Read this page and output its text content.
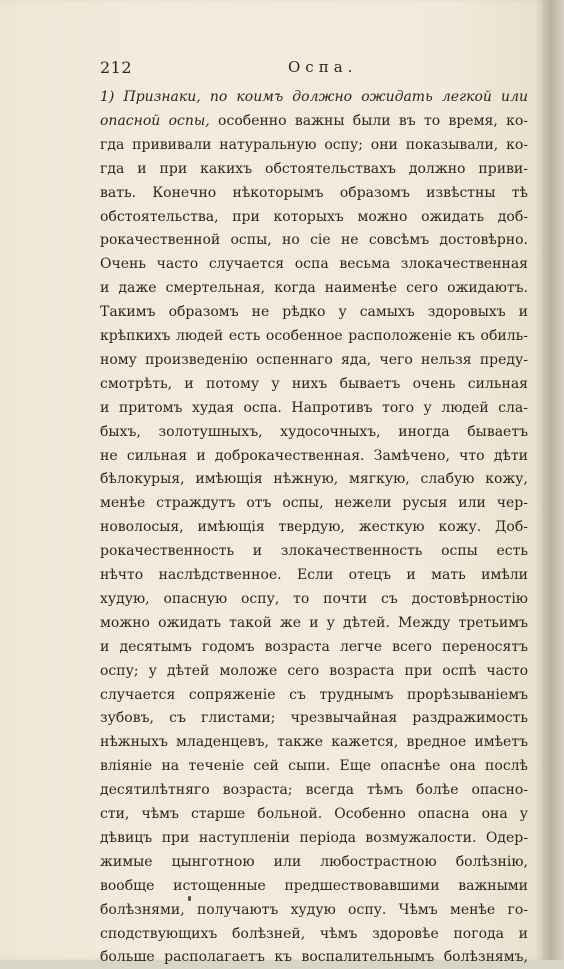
212	Оспа.
1) Признаки, по коимъ должно ожидать легкой или
опасной оспы, особенно важны были въ то время, ко-
гда прививали натуральную оспу; они показывали, ко-
гда и при какихъ обстоятельствахъ должно приви-
вать. Конечно нѣкоторымъ образомъ извѣстны тѣ
обстоятельства, при которыхъ можно ожидать доб-
рокачественной оспы, но сіе не совсѣмъ достовѣрно.
Очень часто случается оспа весьма злокачественная
и даже смертельная, когда наименѣе сего ожидаютъ.
Такимъ образомъ не рѣдко у самыхъ здоровыхъ и
крѣпкихъ людей есть особенное расположеніе къ обиль-
ному произведенію оспеннаго яда, чего нельзя преду-
смотрѣть, и потому у нихъ бываетъ очень сильная
и притомъ худая оспа. Напротивъ того у людей сла-
быхъ, золотушныхъ, худосочныхъ, иногда бываетъ
не сильная и доброкачественная. Замѣчено, что дѣти
бѣлокурыя, имѣющія нѣжную, мягкую, слабую кожу,
менѣе страждутъ отъ оспы, нежели русыя или чер-
новолосыя, имѣющія твердую, жесткую кожу. Доб-
рокачественность и злокачественность оспы есть
нѣчто наслѣдственное. Если отецъ и мать имѣли
худую, опасную оспу, то почти съ достовѣрностію
можно ожидать такой же и у дѣтей. Между третьимъ
и десятымъ годомъ возраста легче всего переносятъ
оспу; у дѣтей моложе сего возраста при оспѣ часто
случается сопряженіе съ труднымъ прорѣзываніемъ
зубовъ, съ глистами; чрезвычайная раздражимость
нѣжныхъ младенцевъ, также кажется, вредное имѣетъ
вліяніе на теченіе сей сыпи. Еще опаснѣе она послѣ
десятилѣтняго возраста; всегда тѣмъ болѣе опасно-
сти, чѣмъ старше больной. Особенно опасна она у
дѣвицъ при наступленіи періода возмужалости. Одер-
жимые цынготною или любострастною болѣзнію,
вообще истощенные предшествовавшими важными
болѣзнями, получаютъ худую оспу. Чѣмъ менѣе го-
сподствующихъ болѣзней, чѣмъ здоровѣе погода и
больше располагаетъ къ воспалительнымъ болѣзнямъ,
